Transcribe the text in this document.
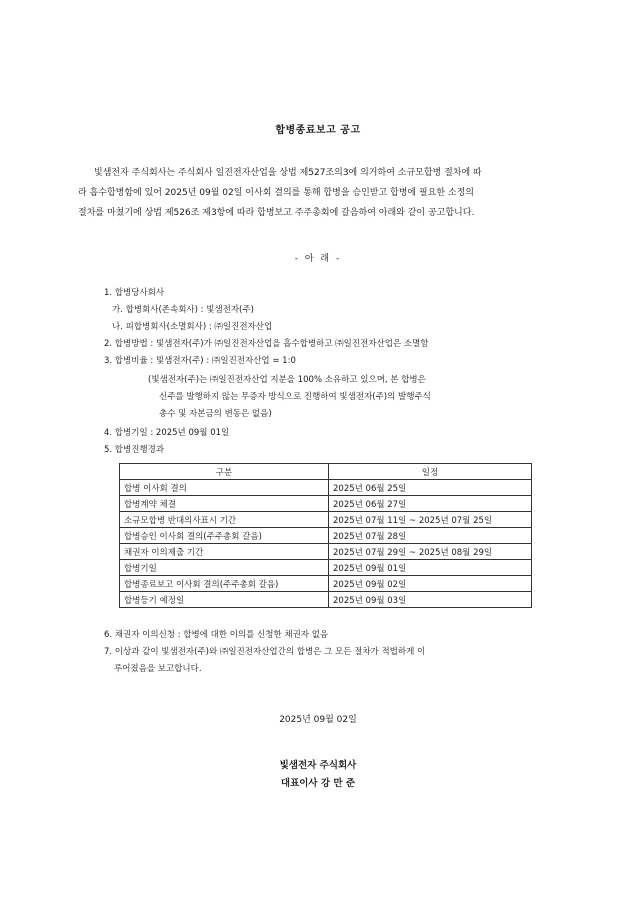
합병종료보고 공고
빛샘전자 주식회사는 주식회사 일진전자산업을 상법 제527조의3에 의거하여 소규모합병 절차에 따
라 흡수합병함에 있어 2025년 09월 02일 이사회 결의를 통해 합병을 승인받고 합병에 필요한 소정의
절차를 마쳤기에 상법 제526조 제3항에 따라 합병보고 주주총회에 갈음하여 아래와 같이 공고합니다.
- 아 래 -
1. 합병당사회사
가. 합병회사(존속회사) : 빛샘전자(주)
나. 피합병회사(소멸회사) : ㈜일진전자산업
2. 합병방법 : 빛샘전자(주)가 ㈜일진전자산업을 흡수합병하고 ㈜일진전자산업은 소멸함
3. 합병비율 : 빛샘전자(주) : ㈜일진전자산업 = 1:0
(빛샘전자(주)는 ㈜일진전자산업 지분을 100% 소유하고 있으며, 본 합병은
신주를 발행하지 않는 무증자 방식으로 진행하여 빛샘전자(주)의 발행주식
총수 및 자본금의 변동은 없음)
4. 합병기일 : 2025년 09월 01일
5. 합병진행경과
6. 채권자 이의신청 : 합병에 대한 이의를 신청한 채권자 없음
7. 이상과 같이 빛샘전자(주)와 ㈜일진전자산업간의 합병은 그 모든 절차가 적법하게 이
루어졌음을 보고합니다.
구분	일정
합병 이사회 결의	2025년 06월 25일
합병계약 체결	2025년 06월 27일
소규모합병 반대의사표시 기간	2025년 07월 11일 ~ 2025년 07월 25일
합병승인 이사회 결의(주주총회 갈음)	2025년 07월 28일
채권자 이의제출 기간	2025년 07월 29일 ~ 2025년 08월 29일
합병기일	2025년 09월 01일
합병종료보고 이사회 결의(주주총회 갈음)	2025년 09월 02일
합병등기 예정일	2025년 09월 03일
2025년 09월 02일
빛샘전자 주식회사
대표이사 강 만 준
